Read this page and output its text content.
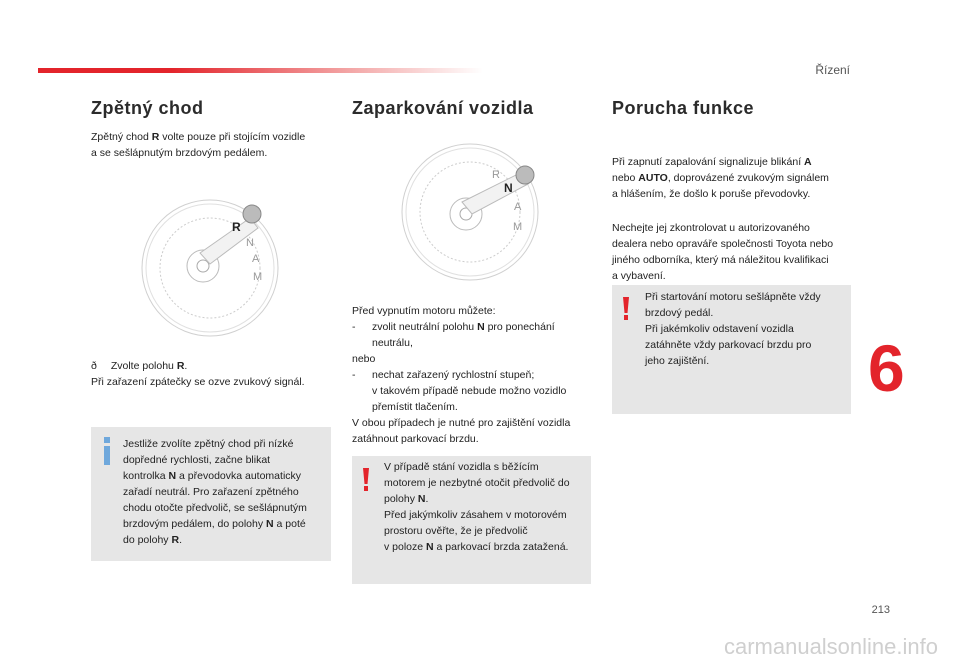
Řízení
Zpětný chod
Zpětný chod R volte pouze při stojícím vozidle
a se sešlápnutým brzdovým pedálem.
R
N
A
M
ð Zvolte polohu R.
Při zařazení zpátečky se ozve zvukový signál.
Jestliže zvolíte zpětný chod při nízké
dopředné rychlosti, začne blikat
kontrolka N a převodovka automaticky
zařadí neutrál. Pro zařazení zpětného
chodu otočte předvolič, se sešlápnutým
brzdovým pedálem, do polohy N a poté
do polohy R.
Zaparkování vozidla
R
N
A
M
Před vypnutím motoru můžete:
- zvolit neutrální polohu N pro ponechání
neutrálu,
nebo
- nechat zařazený rychlostní stupeň;
v takovém případě nebude možno vozidlo
přemístit tlačením.
V obou případech je nutné pro zajištění vozidla
zatáhnout parkovací brzdu.
V případě stání vozidla s běžícím
motorem je nezbytné otočit předvolič do
polohy N.
Před jakýmkoliv zásahem v motorovém
prostoru ověřte, že je předvolič
v poloze N a parkovací brzda zatažená.
Porucha funkce
Při zapnutí zapalování signalizuje blikání A
nebo AUTO, doprovázené zvukovým signálem
a hlášením, že došlo k poruše převodovky.
Nechejte jej zkontrolovat u autorizovaného
dealera nebo opraváře společnosti Toyota nebo
jiného odborníka, který má náležitou kvalifikaci
a vybavení.
Při startování motoru sešlápněte vždy
brzdový pedál.
Při jakémkoliv odstavení vozidla
zatáhněte vždy parkovací brzdu pro
jeho zajištění.	6
213
carmanualsonline.info
